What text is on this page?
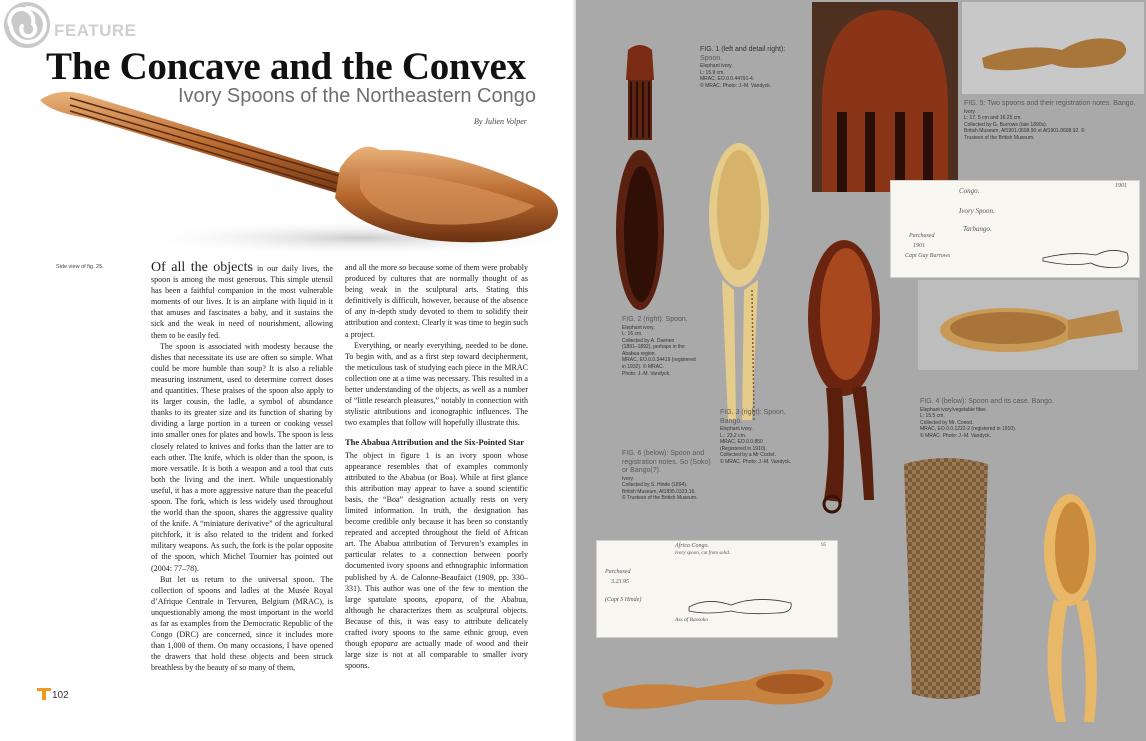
FEATURE
The Concave and the Convex
Ivory Spoons of the Northeastern Congo
By Julien Volper
Side view of fig. 25.	Of all the objects in our daily lives, the spoon is among the most generous. This simple utensil has been a faithful companion in the most vulnerable moments of our lives. It is an airplane with liquid in it that amuses and fascinates a baby, and it sustains the sick and the weak in need of nourishment, allowing them to be easily fed.

The spoon is associated with modesty because the dishes that necessitate its use are often so simple. What could be more humble than soup? It is also a reliable measuring instrument, used to determine correct doses and quantities. These praises of the spoon also apply to its larger cousin, the ladle, a symbol of abundance thanks to its greater size and its function of sharing by dividing a large portion in a tureen or cooking vessel into smaller ones for plates and bowls. The spoon is less closely related to knives and forks than the latter are to each other. The knife, which is older than the spoon, is more versatile. It is both a weapon and a tool that cuts both the living and the inert. While unquestionably useful, it has a more aggressive nature than the peaceful spoon. The fork, which is less widely used throughout the world than the spoon, shares the aggressive quality of the knife. A “miniature derivative” of the agricultural pitchfork, it is also related to the trident and forked military weapons. As such, the fork is the polar opposite of the spoon, which Michel Tournier has pointed out (2004: 77–78).

But let us return to the universal spoon. The collection of spoons and ladles at the Musée Royal d’Afrique Centrale in Tervuren, Belgium (MRAC), is unquestionably among the most important in the world as far as examples from the Democratic Republic of the Congo (DRC) are concerned, since it includes more than 1,000 of them. On many occasions, I have opened the drawers that hold these objects and been struck breathless by the beauty of so many of them,

and all the more so because some of them were probably produced by cultures that are normally thought of as being weak in the sculptural arts. Stating this definitively is difficult, however, because of the absence of any in-depth study devoted to them to solidify their attribution and context. Clearly it was time to begin such a project.

Everything, or nearly everything, needed to be done. To begin with, and as a first step toward decipherment, the meticulous task of studying each piece in the MRAC collection one at a time was necessary. This resulted in a better understanding of the objects, as well as a number of “little research pleasures,” notably in connection with stylistic attributions and iconographic influences. The two examples that follow will hopefully illustrate this.

The Ababua Attribution and the Six-Pointed Star

The object in figure 1 is an ivory spoon whose appearance resembles that of examples commonly attributed to the Ababua (or Boa). While at first glance this attribution may appear to have a sound scientific basis, the “Boa” designation actually rests on very limited information. In truth, the designation has become credible only because it has been so constantly repeated and accepted throughout the field of African art. The Ababua attribution of Tervuren’s examples in particular relates to a connection between poorly documented ivory spoons and ethnographic information published by A. de Calonne-Beaufaict (1909, pp. 330–331). This author was one of the few to mention the large spatulate spoons, epopara, of the Ababua, although he characterizes them as sculptural objects. Because of this, it was easy to attribute delicately crafted ivory spoons to the same ethnic group, even though epopara are actually made of wood and their large size is not at all comparable to smaller ivory spoons.

102
FIG. 1 (left and detail right):
Spoon.
Elephant ivory.
L: 15.9 cm.
MRAC, EO.0.0.44791-4.
© MRAC. Photo: J.-M. Vandyck.
FIG. 5: Two spoons and their registration notes. Bango.
Ivory.
L: 17. 5 cm and 16.25 cm.
Collected by G. Burrows (late 1890s).
British Museum, Af1901.0608.90 et Af1901.0608.92. ©
Trustees of the British Museum.
Congo.
Ivory Spoon.
Tarbango.
Purchased
1901
Capt Guy Burrows
1901
FIG. 2 (right): Spoon.
Elephant ivory.
L: 16 cm.
Collected by A. Daenen
(1891–1892), perhaps in the
Ababua region.
MRAC, EO.0.0.34419 (registered
in 1932). © MRAC.
Photo: J.-M. Vandyck.
FIG. 3 (right): Spoon.
Bango.
Elephant ivory.
L.: 23.2 cm.
MRAC, EO.0.0.850
(Registered in 1910).
Collected by a Mr Coclet.
© MRAC. Photo: J.-M. Vandyck.
FIG. 4 (below): Spoon and its case. Bango.
Elephant ivory/vegetable fiber.
L: 15.5 cm.
Collected by Mr. Conod.
MRAC, EO.0.0.1222-2 (registered in 1910).
© MRAC. Photo: J.-M. Vandyck.
FIG. 6 (below): Spoon and registration notes. So (Soko) or Bango(?).
Ivory.
Collected by S. Hinde (1894).
British Museum, Af1895.0323.16.
© Trustees of the British Museum.
Purchased
3.23.95
(Capt S Hinde)
Africa Congo.
Ivory spoon, cut from solid.
Ass of Bassoko
95
